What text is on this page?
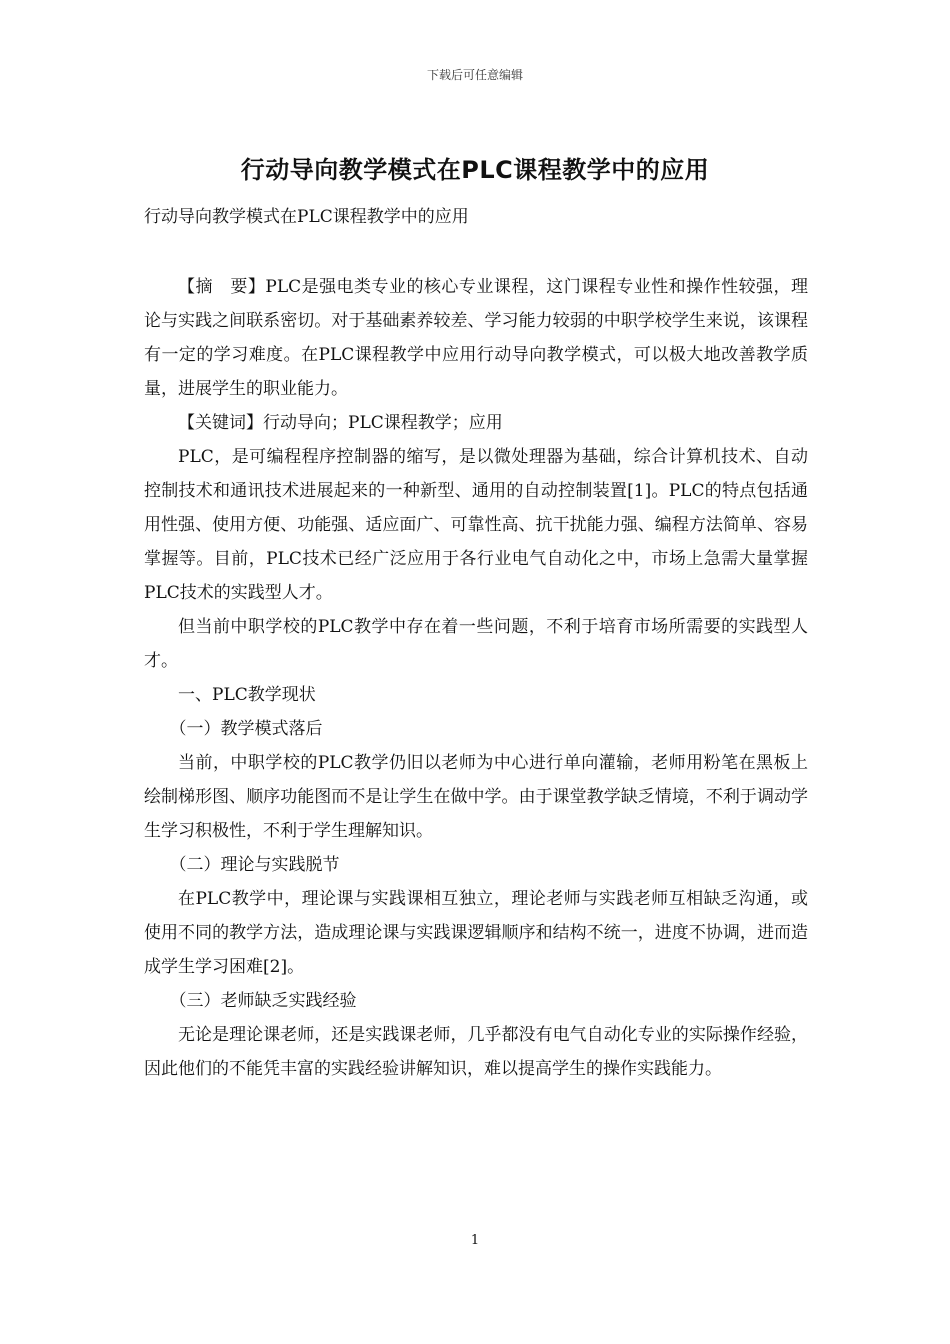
下载后可任意编辑
行动导向教学模式在PLC课程教学中的应用
行动导向教学模式在PLC课程教学中的应用

【摘　要】PLC是强电类专业的核心专业课程，这门课程专业性和操作性较强，理论与实践之间联系密切。对于基础素养较差、学习能力较弱的中职学校学生来说，该课程有一定的学习难度。在PLC课程教学中应用行动导向教学模式，可以极大地改善教学质量，进展学生的职业能力。

【关键词】行动导向；PLC课程教学；应用

PLC，是可编程程序控制器的缩写，是以微处理器为基础，综合计算机技术、自动控制技术和通讯技术进展起来的一种新型、通用的自动控制装置[1]。PLC的特点包括通用性强、使用方便、功能强、适应面广、可靠性高、抗干扰能力强、编程方法简单、容易掌握等。目前，PLC技术已经广泛应用于各行业电气自动化之中，市场上急需大量掌握PLC技术的实践型人才。

但当前中职学校的PLC教学中存在着一些问题，不利于培育市场所需要的实践型人才。

一、PLC教学现状

（一）教学模式落后

当前，中职学校的PLC教学仍旧以老师为中心进行单向灌输，老师用粉笔在黑板上绘制梯形图、顺序功能图而不是让学生在做中学。由于课堂教学缺乏情境，不利于调动学生学习积极性，不利于学生理解知识。

（二）理论与实践脱节

在PLC教学中，理论课与实践课相互独立，理论老师与实践老师互相缺乏沟通，或使用不同的教学方法，造成理论课与实践课逻辑顺序和结构不统一，进度不协调，进而造成学生学习困难[2]。

（三）老师缺乏实践经验

无论是理论课老师，还是实践课老师，几乎都没有电气自动化专业的实际操作经验，因此他们的不能凭丰富的实践经验讲解知识，难以提高学生的操作实践能力。

1
